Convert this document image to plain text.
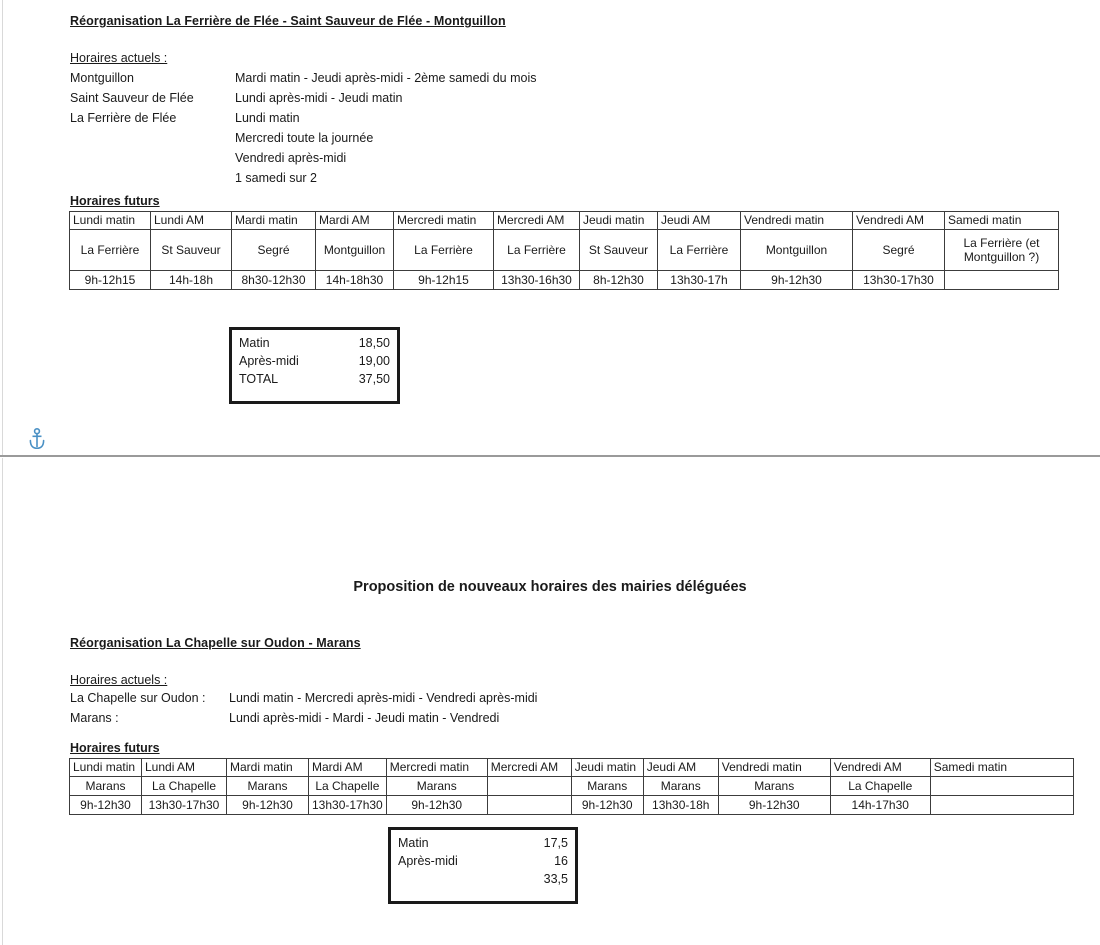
Réorganisation La Ferrière de Flée - Saint Sauveur de Flée - Montguillon
Horaires actuels :
Montguillon	Mardi matin - Jeudi après-midi - 2ème samedi du mois
Saint Sauveur de Flée	Lundi après-midi - Jeudi matin
La Ferrière de Flée	Lundi matin
Mercredi toute la journée
Vendredi après-midi
1 samedi sur 2
Horaires futurs
Lundi matin	Lundi AM	Mardi matin	Mardi AM	Mercredi matin	Mercredi AM	Jeudi matin	Jeudi AM	Vendredi matin	Vendredi AM	Samedi matin
La Ferrière	St Sauveur	Segré	Montguillon	La Ferrière	La Ferrière	St Sauveur	La Ferrière	Montguillon	Segré	La Ferrière (et Montguillon ?)
9h-12h15	14h-18h	8h30-12h30	14h-18h30	9h-12h15	13h30-16h30	8h-12h30	13h30-17h	9h-12h30	13h30-17h30	
Matin	18,50
Après-midi	19,00
TOTAL	37,50
Proposition de nouveaux horaires des mairies déléguées
Réorganisation La Chapelle sur Oudon - Marans
Horaires actuels :
La Chapelle sur Oudon : Lundi matin - Mercredi après-midi - Vendredi après-midi
Marans :	Lundi après-midi - Mardi - Jeudi matin - Vendredi
Horaires futurs
Lundi matin	Lundi AM	Mardi matin	Mardi AM	Mercredi matin	Mercredi AM	Jeudi matin	Jeudi AM	Vendredi matin	Vendredi AM	Samedi matin
Marans	La Chapelle	Marans	La Chapelle	Marans		Marans	Marans	Marans	La Chapelle	
9h-12h30	13h30-17h30	9h-12h30	13h30-17h30	9h-12h30		9h-12h30	13h30-18h	9h-12h30	14h-17h30	
Matin	17,5
Après-midi	16
33,5
